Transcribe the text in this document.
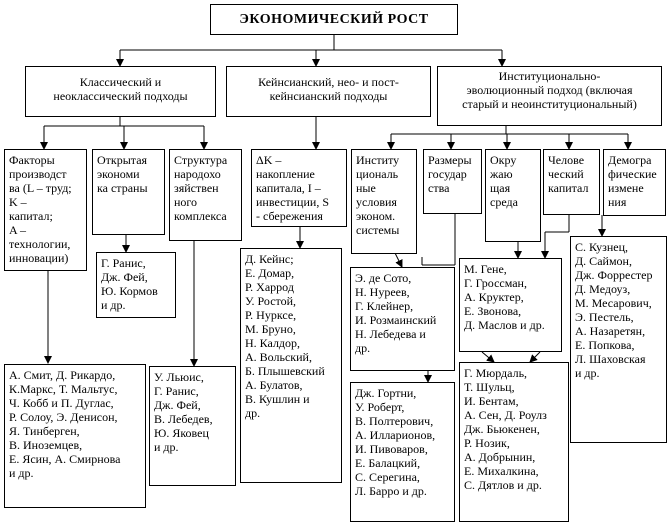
ЭКОНОМИЧЕСКИЙ РОСТ
Классический и
неоклассический подходы
Кейнсианский, нео- и пост-
кейнсианский подходы
Институционально-
эволюционный подход (включая
старый и неоинституциональный)
Факторы
производст
ва (L – труд;
K –
капитал;
A –
технологии,
инновации)
Открытая
экономи
ка страны
Структура
народохо
зяйствен
ного
комплекса
ΔK –
накопление
капитала, I –
инвестиции, S
- сбережения
Институ
циональ
ные
условия
эконом.
системы
Размеры
государ
ства
Окру
жаю
щая
среда
Челове
ческий
капитал
Демогра
фические
измене
ния
Г. Ранис,
Дж. Фей,
Ю. Кормов
и др.
Д. Кейнс;
Е. Домар,
Р. Харрод
У. Ростой,
Р. Нурксе,
М. Бруно,
Н. Калдор,
А. Вольский,
Б. Плышевский
А. Булатов,
В. Кушлин и
др.
Э. де Сото,
Н. Нуреев,
Г. Клейнер,
И. Розмаинский
Н. Лебедева и
др.
М. Гене,
Г. Гроссман,
А. Круктер,
Е. Звонова,
Д. Маслов и др.
С. Кузнец,
Д. Саймон,
Дж. Форрестер
Д. Медоуз,
М. Месарович,
Э. Пестель,
А. Назаретян,
Е. Попкова,
Л. Шаховская
и др.
А. Смит, Д. Рикардо,
К.Маркс, Т. Мальтус,
Ч. Кобб и П. Дуглас,
Р. Солоу, Э. Денисон,
Я. Тинберген,
В. Иноземцев,
Е. Ясин, А. Смирнова
и др.
У. Льюис,
Г. Ранис,
Дж. Фей,
В. Лебедев,
Ю. Яковец
и др.
Дж. Гортни,
У. Роберт,
В. Полтерович,
А. Илларионов,
И. Пивоваров,
Е. Балацкий,
С. Серегина,
Л. Барро и др.
Г. Мюрдаль,
Т. Шульц,
И. Бентам,
А. Сен, Д. Роулз
Дж. Бьюкенен,
Р. Нозик,
А. Добрынин,
Е. Михалкина,
С. Дятлов и др.
